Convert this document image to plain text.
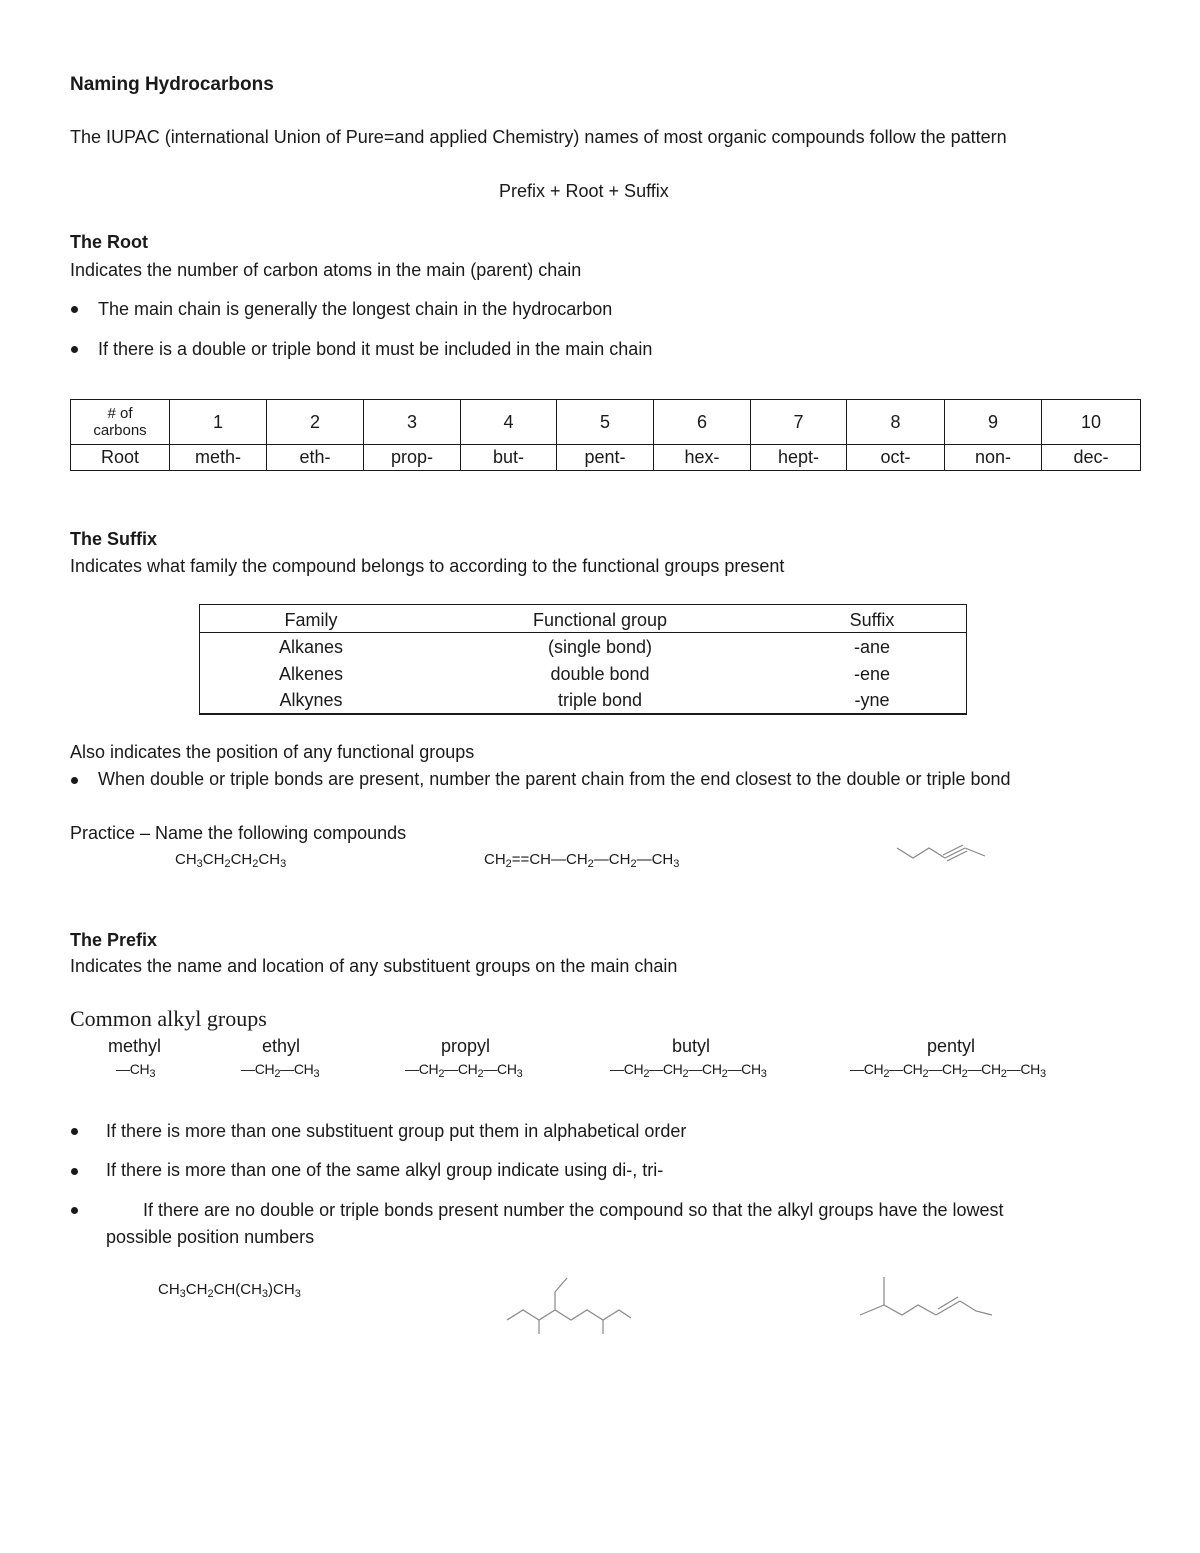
Naming Hydrocarbons
The IUPAC (international Union of Pure=and applied Chemistry) names of most organic compounds follow the pattern
Prefix + Root + Suffix
The Root
Indicates the number of carbon atoms in the main (parent) chain
The main chain is generally the longest chain in the hydrocarbon
If there is a double or triple bond it must be included in the main chain
# of
carbons	1	2	3	4	5	6	7	8	9	10
Root	meth-	eth-	prop-	but-	pent-	hex-	hept-	oct-	non-	dec-
The Suffix
Indicates what family the compound belongs to according to the functional groups present
Family	Functional group	Suffix
Alkanes	(single bond)	-ane
Alkenes	double bond	-ene
Alkynes	triple bond	-yne
Also indicates the position of any functional groups
When double or triple bonds are present, number the parent chain from the end closest to the double or triple bond
Practice – Name the following compounds
$CH_3CH_2CH_2CH_3$	$CH_2==CH—CH_2—CH_2—CH_3$
The Prefix
Indicates the name and location of any substituent groups on the main chain
Common alkyl groups
methyl	ethyl	propyl	butyl	pentyl
$—CH_3$	$—CH_2—CH_3$	$—CH_2—CH_2—CH_3$	$—CH_2—CH_2—CH_2—CH_3$	$—CH_2—CH_2—CH_2—CH_2—CH_3$
If there is more than one substituent group put them in alphabetical order
If there is more than one of the same alkyl group indicate using di-, tri-
If there are no double or triple bonds present number the compound so that the alkyl groups have the lowest
possible position numbers
$CH_3CH_2CH(CH_3)CH_3$
